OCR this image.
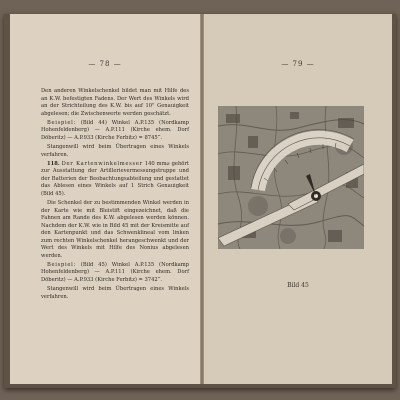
— 78 —

Den anderen Winkelschenkel bildet man mit Hilfe des an K.W. befestigten Fadens. Der Wert des Winkels wird an der Strichteilung des K.W. bis auf 10" Genauigkeit abgelesen; die Zwischenwerte werden geschätzt.

Beispiel: (Bild 44) Winkel A.P.135 (Nordkamp Hohenfeldenberg) — A.P.111 (Kirche ehem. Dorf Döberitz) — A.P.933 (Kirche Ferbitz) = 8745‴.

Stangenwill wird beim Übertragen eines Winkels verfahren.

118. Der Kartenwinkelmesser 140 mm⌀ gehört zur Ausstattung der Artillerievermessungstruppe und der Batterien der Beobachtungsabteilung und gestattet das Ablesen eines Winkels auf 1 Strich Genauigkeit (Bild 45).

Die Schenkel der zu bestimmenden Winkel werden in der Karte wie mit Bleistift eingezeichnet, daß die Fahnen am Rande des K.W. abgelesen werden können. Nachdem der K.W. wie in Bild 45 mit der Kreismitte auf den Kartenpunkt und das Schwenklineal vom linken zum rechten Winkelschenkel herangeschwenkt und der Wert des Winkels mit Hilfe des Nonius abgelesen werden.

Beispiel: (Bild 45) Winkel A.P.135 (Nordkamp Hohenfeldenberg) — A.P.111 (Kirche ehem. Dorf Döberitz) — A.P.933 (Kirche Ferbitz) = 3742‴.

Stangenwill wird beim Übertragen eines Winkels verfahren.

— 79 —
Bild 45
